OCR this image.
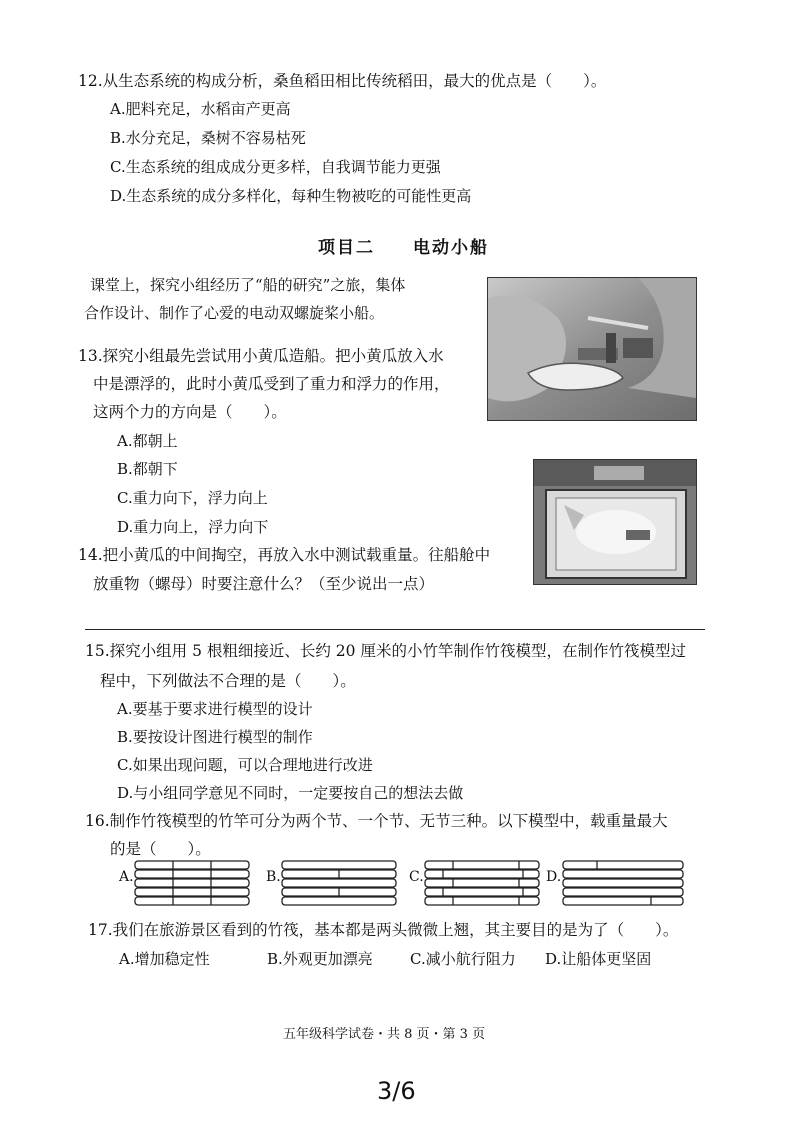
12.从生态系统的构成分析，桑鱼稻田相比传统稻田，最大的优点是（　　）。
A.肥料充足，水稻亩产更高
B.水分充足，桑树不容易枯死
C.生态系统的组成成分更多样，自我调节能力更强
D.生态系统的成分多样化，每种生物被吃的可能性更高
项目二　　电动小船
课堂上，探究小组经历了“船的研究”之旅，集体
合作设计、制作了心爱的电动双螺旋桨小船。
13.探究小组最先尝试用小黄瓜造船。把小黄瓜放入水
中是漂浮的，此时小黄瓜受到了重力和浮力的作用，
这两个力的方向是（　　）。
A.都朝上
B.都朝下
C.重力向下，浮力向上
D.重力向上，浮力向下
14.把小黄瓜的中间掏空，再放入水中测试载重量。往船舱中
放重物（螺母）时要注意什么？（至少说出一点）
15.探究小组用 5 根粗细接近、长约 20 厘米的小竹竿制作竹筏模型，在制作竹筏模型过
程中，下列做法不合理的是（　　）。
A.要基于要求进行模型的设计
B.要按设计图进行模型的制作
C.如果出现问题，可以合理地进行改进
D.与小组同学意见不同时，一定要按自己的想法去做
16.制作竹筏模型的竹竿可分为两个节、一个节、无节三种。以下模型中，载重量最大
的是（　　）。
A.	B.	C.	D.
17.我们在旅游景区看到的竹筏，基本都是两头微微上翘，其主要目的是为了（　　）。
A.增加稳定性	B.外观更加漂亮 C.减小航行阻力 D.让船体更坚固
五年级科学试卷・共 8 页・第 3 页
3/6
